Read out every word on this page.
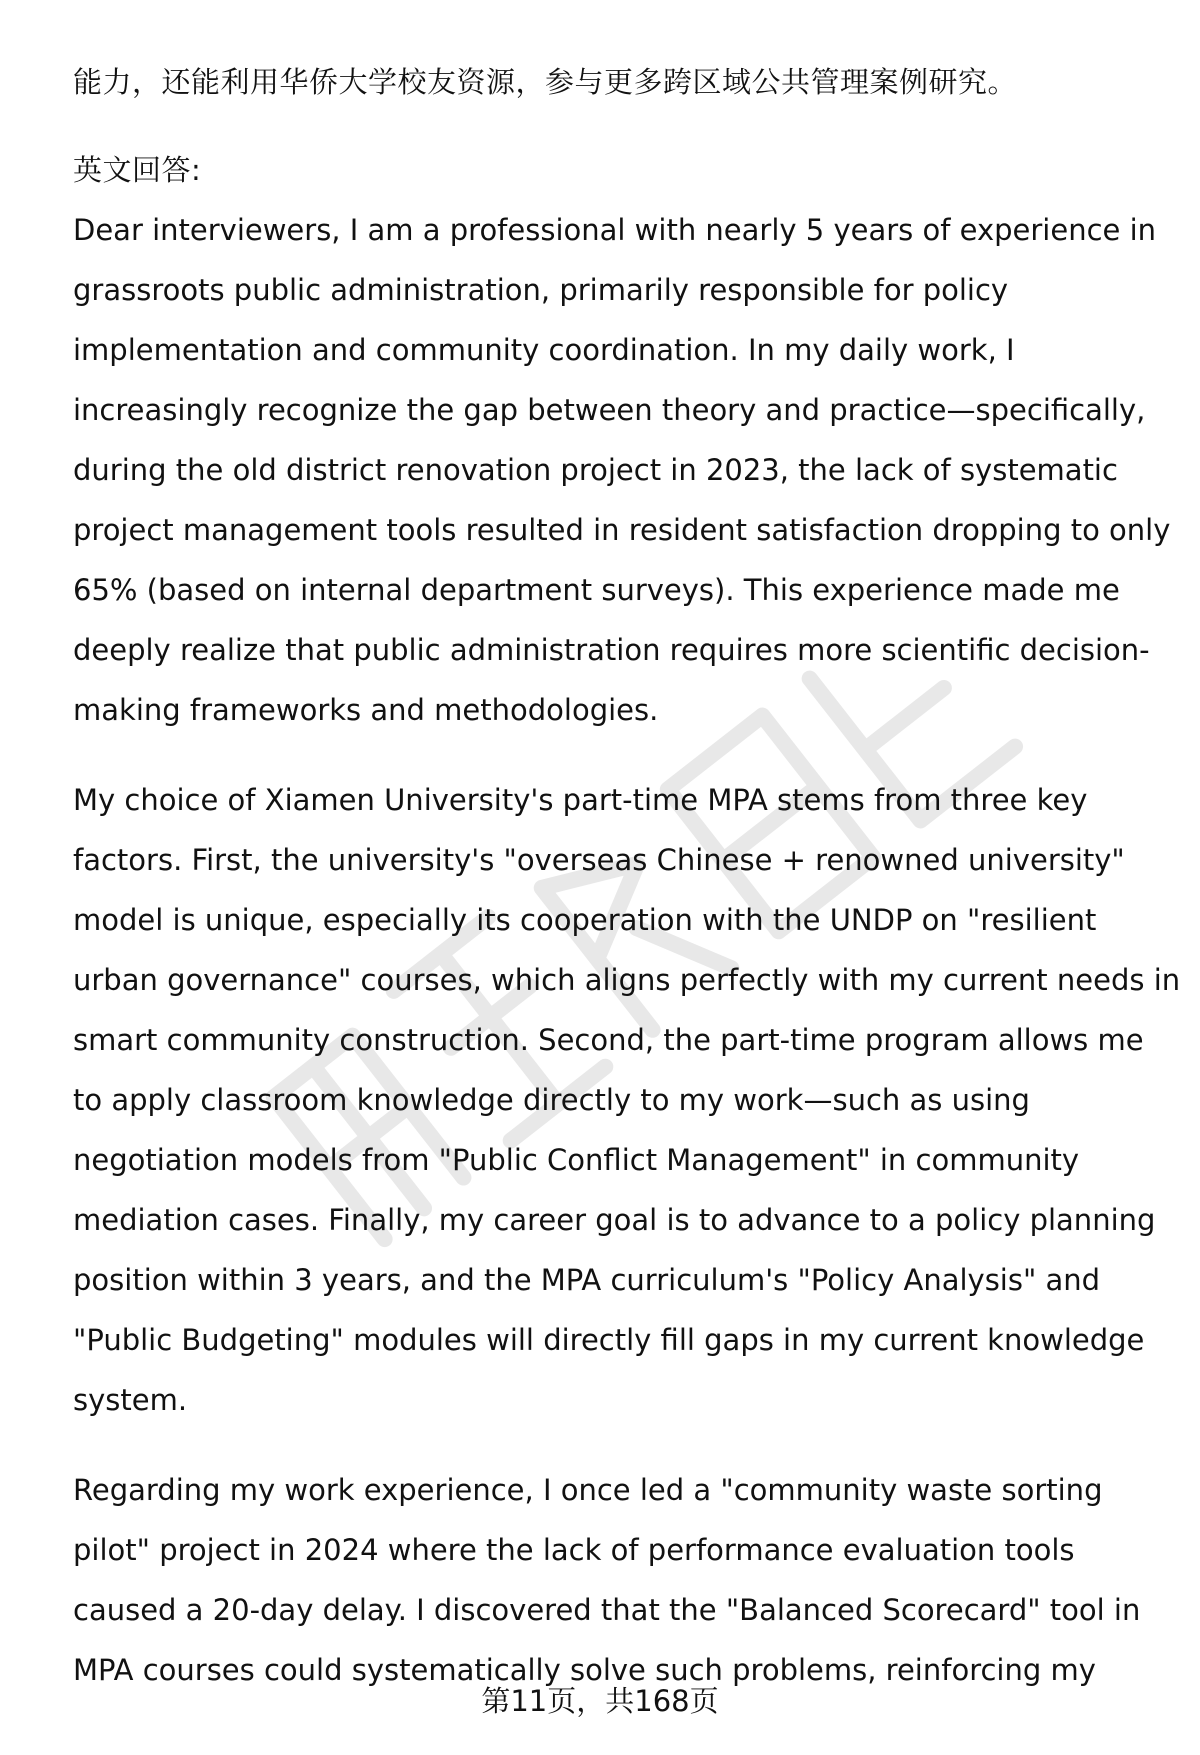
能力，还能利用华侨大学校友资源，参与更多跨区域公共管理案例研究。
英文回答:
Dear interviewers, I am a professional with nearly 5 years of experience in
grassroots public administration, primarily responsible for policy
implementation and community coordination. In my daily work, I
increasingly recognize the gap between theory and practice—specifically,
during the old district renovation project in 2023, the lack of systematic
project management tools resulted in resident satisfaction dropping to only
65% (based on internal department surveys). This experience made me
deeply realize that public administration requires more scientific decision-
making frameworks and methodologies.
My choice of Xiamen University's part-time MPA stems from three key
factors. First, the university's "overseas Chinese + renowned university"
model is unique, especially its cooperation with the UNDP on "resilient
urban governance" courses, which aligns perfectly with my current needs in
smart community construction. Second, the part-time program allows me
to apply classroom knowledge directly to my work—such as using
negotiation models from "Public Conflict Management" in community
mediation cases. Finally, my career goal is to advance to a policy planning
position within 3 years, and the MPA curriculum's "Policy Analysis" and
"Public Budgeting" modules will directly fill gaps in my current knowledge
system.
Regarding my work experience, I once led a "community waste sorting
pilot" project in 2024 where the lack of performance evaluation tools
caused a 20-day delay. I discovered that the "Balanced Scorecard" tool in
MPA courses could systematically solve such problems, reinforcing my
第11页，共168页
